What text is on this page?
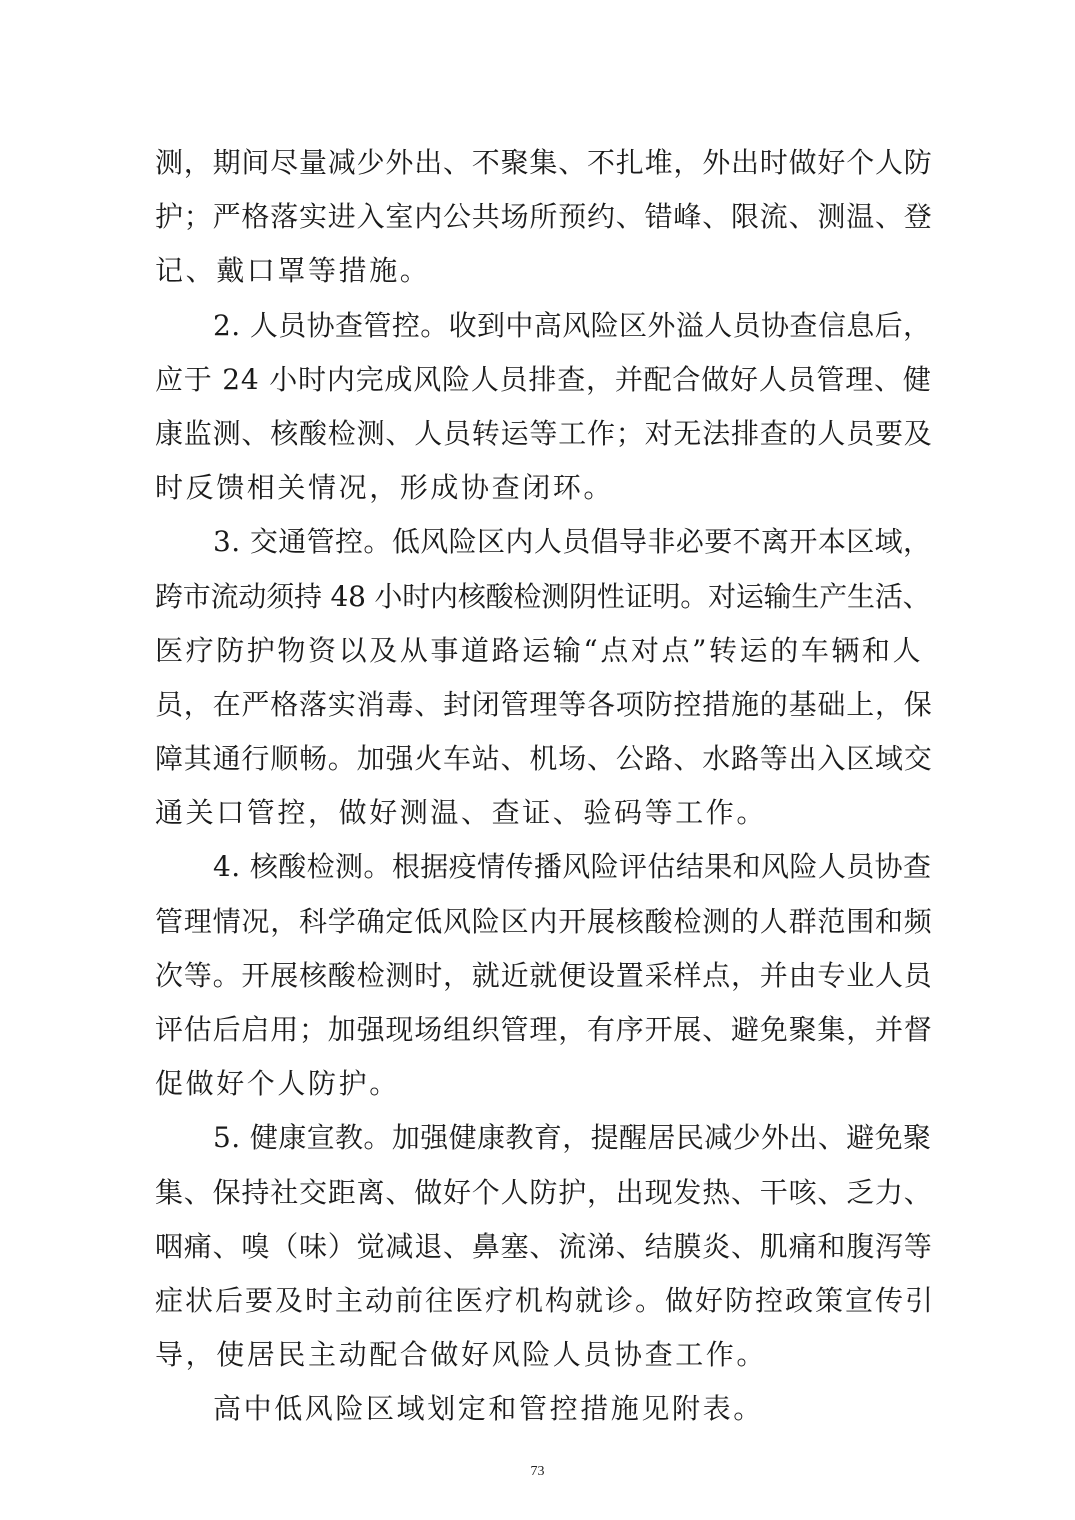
测，期间尽量减少外出、不聚集、不扎堆，外出时做好个人防
护；严格落实进入室内公共场所预约、错峰、限流、测温、登
记、戴口罩等措施。
2. 人员协查管控。收到中高风险区外溢人员协查信息后，
应于 24 小时内完成风险人员排查，并配合做好人员管理、健
康监测、核酸检测、人员转运等工作；对无法排查的人员要及
时反馈相关情况，形成协查闭环。
3. 交通管控。低风险区内人员倡导非必要不离开本区域，
跨市流动须持 48 小时内核酸检测阴性证明。对运输生产生活、
医疗防护物资以及从事道路运输“点对点”转运的车辆和人
员，在严格落实消毒、封闭管理等各项防控措施的基础上，保
障其通行顺畅。加强火车站、机场、公路、水路等出入区域交
通关口管控，做好测温、查证、验码等工作。
4. 核酸检测。根据疫情传播风险评估结果和风险人员协查
管理情况，科学确定低风险区内开展核酸检测的人群范围和频
次等。开展核酸检测时，就近就便设置采样点，并由专业人员
评估后启用；加强现场组织管理，有序开展、避免聚集，并督
促做好个人防护。
5. 健康宣教。加强健康教育，提醒居民减少外出、避免聚
集、保持社交距离、做好个人防护，出现发热、干咳、乏力、
咽痛、嗅（味）觉减退、鼻塞、流涕、结膜炎、肌痛和腹泻等
症状后要及时主动前往医疗机构就诊。做好防控政策宣传引
导，使居民主动配合做好风险人员协查工作。
高中低风险区域划定和管控措施见附表。
73
